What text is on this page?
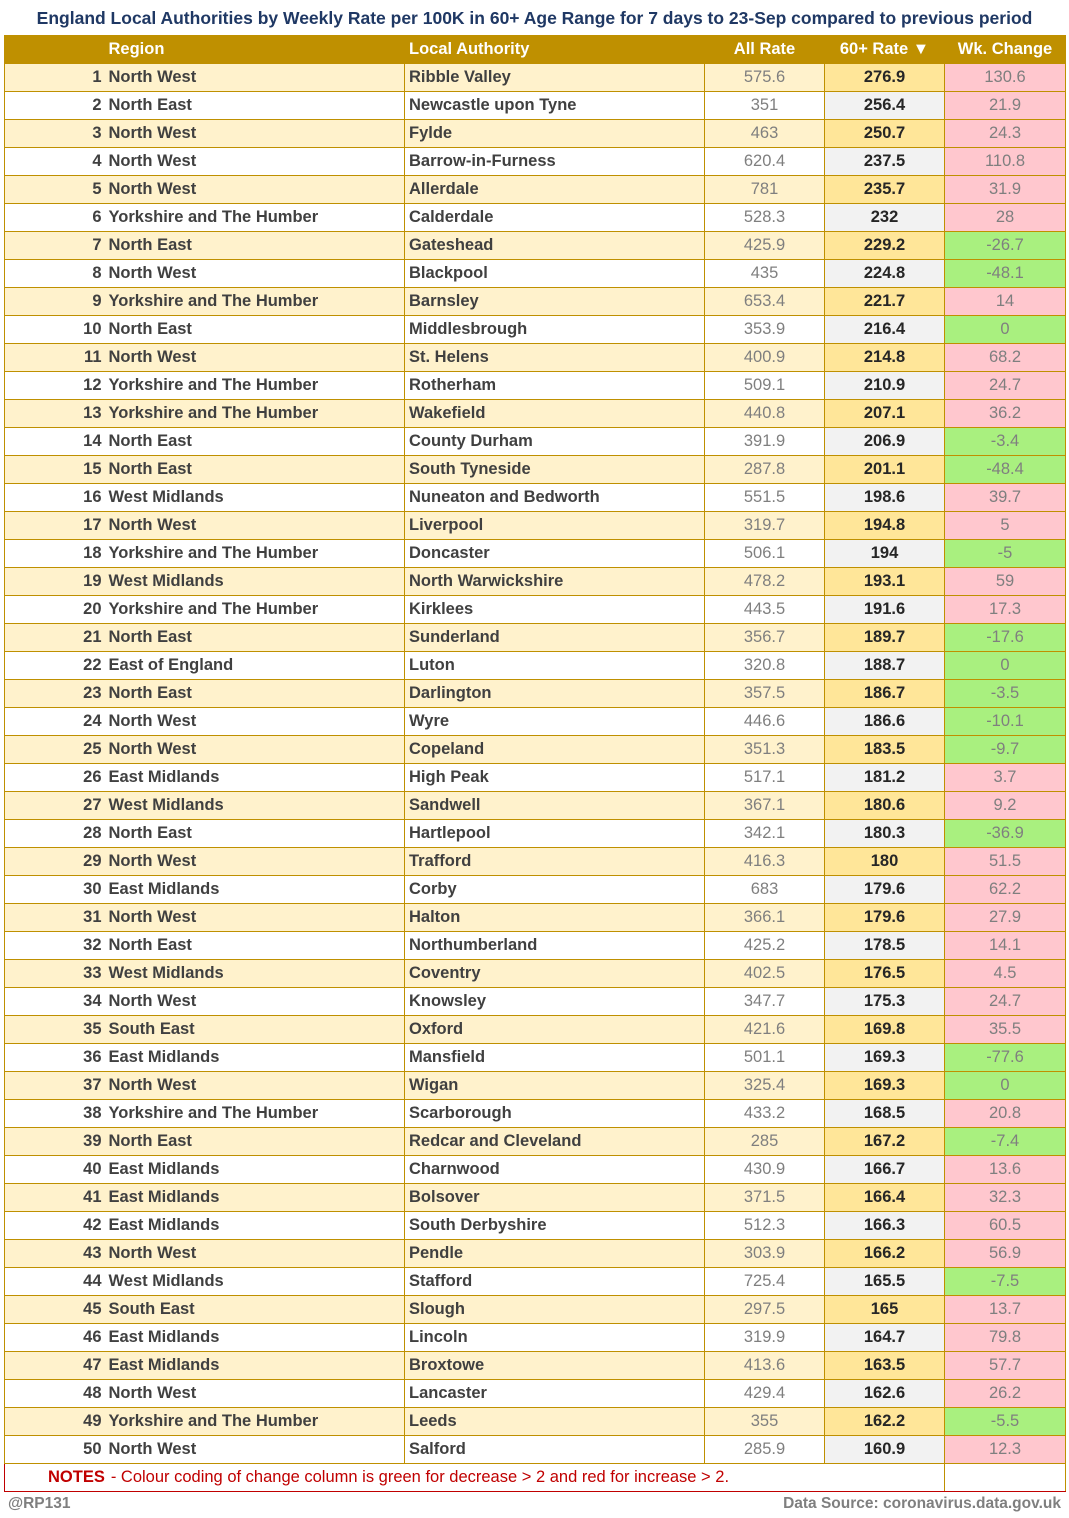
England Local Authorities by Weekly Rate per 100K in 60+ Age Range for 7 days to 23-Sep compared to previous period
	Region	Local Authority	All Rate	60+ Rate ▼	Wk. Change
1	North West	Ribble Valley	575.6	276.9	130.6
2	North East	Newcastle upon Tyne	351	256.4	21.9
3	North West	Fylde	463	250.7	24.3
4	North West	Barrow-in-Furness	620.4	237.5	110.8
5	North West	Allerdale	781	235.7	31.9
6	Yorkshire and The Humber	Calderdale	528.3	232	28
7	North East	Gateshead	425.9	229.2	-26.7
8	North West	Blackpool	435	224.8	-48.1
9	Yorkshire and The Humber	Barnsley	653.4	221.7	14
10	North East	Middlesbrough	353.9	216.4	0
11	North West	St. Helens	400.9	214.8	68.2
12	Yorkshire and The Humber	Rotherham	509.1	210.9	24.7
13	Yorkshire and The Humber	Wakefield	440.8	207.1	36.2
14	North East	County Durham	391.9	206.9	-3.4
15	North East	South Tyneside	287.8	201.1	-48.4
16	West Midlands	Nuneaton and Bedworth	551.5	198.6	39.7
17	North West	Liverpool	319.7	194.8	5
18	Yorkshire and The Humber	Doncaster	506.1	194	-5
19	West Midlands	North Warwickshire	478.2	193.1	59
20	Yorkshire and The Humber	Kirklees	443.5	191.6	17.3
21	North East	Sunderland	356.7	189.7	-17.6
22	East of England	Luton	320.8	188.7	0
23	North East	Darlington	357.5	186.7	-3.5
24	North West	Wyre	446.6	186.6	-10.1
25	North West	Copeland	351.3	183.5	-9.7
26	East Midlands	High Peak	517.1	181.2	3.7
27	West Midlands	Sandwell	367.1	180.6	9.2
28	North East	Hartlepool	342.1	180.3	-36.9
29	North West	Trafford	416.3	180	51.5
30	East Midlands	Corby	683	179.6	62.2
31	North West	Halton	366.1	179.6	27.9
32	North East	Northumberland	425.2	178.5	14.1
33	West Midlands	Coventry	402.5	176.5	4.5
34	North West	Knowsley	347.7	175.3	24.7
35	South East	Oxford	421.6	169.8	35.5
36	East Midlands	Mansfield	501.1	169.3	-77.6
37	North West	Wigan	325.4	169.3	0
38	Yorkshire and The Humber	Scarborough	433.2	168.5	20.8
39	North East	Redcar and Cleveland	285	167.2	-7.4
40	East Midlands	Charnwood	430.9	166.7	13.6
41	East Midlands	Bolsover	371.5	166.4	32.3
42	East Midlands	South Derbyshire	512.3	166.3	60.5
43	North West	Pendle	303.9	166.2	56.9
44	West Midlands	Stafford	725.4	165.5	-7.5
45	South East	Slough	297.5	165	13.7
46	East Midlands	Lincoln	319.9	164.7	79.8
47	East Midlands	Broxtowe	413.6	163.5	57.7
48	North West	Lancaster	429.4	162.6	26.2
49	Yorkshire and The Humber	Leeds	355	162.2	-5.5
50	North West	Salford	285.9	160.9	12.3
NOTES - Colour coding of change column is green for decrease > 2 and red for increase > 2.					
@RP131	Data Source: coronavirus.data.gov.uk
